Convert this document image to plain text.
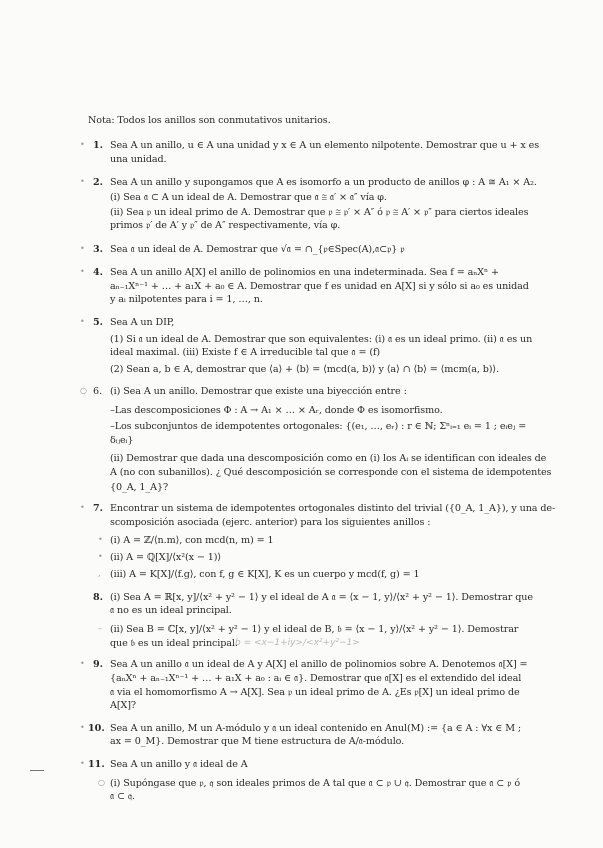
Nota: Todos los anillos son conmutativos unitarios.
• 1. Sea A un anillo, u ∈ A una unidad y x ∈ A un elemento nilpotente. Demostrar que u + x es
una unidad.
• 2. Sea A un anillo y supongamos que A es isomorfo a un producto de anillos φ : A ≅ A₁ × A₂.
(i) Sea 𝔞 ⊂ A un ideal de A. Demostrar que 𝔞 ≅ 𝔞′ × 𝔞″ vía φ.
(ii) Sea 𝔭 un ideal primo de A. Demostrar que 𝔭 ≅ 𝔭′ × A″ ó 𝔭 ≅ A′ × 𝔭″ para ciertos ideales
primos 𝔭′ de A′ y 𝔭″ de A″ respectivamente, vía φ.
• 3. Sea 𝔞 un ideal de A. Demostrar que √𝔞 = ∩_{𝔭∈Spec(A),𝔞⊂𝔭} 𝔭
• 4. Sea A un anillo A[X] el anillo de polinomios en una indeterminada. Sea f = aₙXⁿ +
aₙ₋₁Xⁿ⁻¹ + … + a₁X + a₀ ∈ A. Demostrar que f es unidad en A[X] si y sólo si a₀ es unidad
y aᵢ nilpotentes para i = 1, …, n.
• 5. Sea A un DIP,
(1) Si 𝔞 un ideal de A. Demostrar que son equivalentes: (i) 𝔞 es un ideal primo. (ii) 𝔞 es un
ideal maximal. (iii) Existe f ∈ A irreducible tal que 𝔞 = (f)
(2) Sean a, b ∈ A, demostrar que ⟨a⟩ + ⟨b⟩ = ⟨mcd(a, b)⟩ y ⟨a⟩ ∩ ⟨b⟩ = ⟨mcm(a, b)⟩.
○ 6. (i) Sea A un anillo. Demostrar que existe una biyección entre :
–Las descomposiciones Φ : A → A₁ × … × Aᵣ, donde Φ es isomorfismo.
–Los subconjuntos de idempotentes ortogonales: {(e₁, …, eᵣ) : r ∈ ℕ; Σⁿᵢ₌₁ eᵢ = 1 ; eᵢeⱼ =
δᵢⱼeᵢ}
(ii) Demostrar que dada una descomposición como en (i) los Aᵢ se identifican con ideales de
A (no con subanillos). ¿ Qué descomposición se corresponde con el sistema de idempotentes
{0_A, 1_A}?
• 7. Encontrar un sistema de idempotentes ortogonales distinto del trivial ({0_A, 1_A}), y una de-
scomposición asociada (ejerc. anterior) para los siguientes anillos :
• (i) A = ℤ/⟨n.m⟩, con mcd(n, m) = 1
• (ii) A = ℚ[X]/⟨x²(x − 1)⟩
, (iii) A = K[X]/⟨f.g⟩, con f, g ∈ K[X], K es un cuerpo y mcd(f, g) = 1
8. (i) Sea A = ℝ[x, y]/⟨x² + y² − 1⟩ y el ideal de A 𝔞 = ⟨x − 1, y⟩/⟨x² + y² − 1⟩. Demostrar que
𝔞 no es un ideal principal.
– (ii) Sea B = ℂ[x, y]/⟨x² + y² − 1⟩ y el ideal de B, 𝔟 = ⟨x − 1, y⟩/⟨x² + y² − 1⟩. Demostrar
que 𝔟 es un ideal principal.
b = <x−1+iy>/<x²+y²−1>
• 9. Sea A un anillo 𝔞 un ideal de A y A[X] el anillo de polinomios sobre A. Denotemos 𝔞[X] =
{aₙXⁿ + aₙ₋₁Xⁿ⁻¹ + … + a₁X + a₀ : aᵢ ∈ 𝔞}. Demostrar que 𝔞[X] es el extendido del ideal
𝔞 via el homomorfismo A → A[X]. Sea 𝔭 un ideal primo de A. ¿Es 𝔭[X] un ideal primo de
A[X]?
• 10. Sea A un anillo, M un A-módulo y 𝔞 un ideal contenido en Anul(M) := {a ∈ A : ∀x ∈ M ;
ax = 0_M}. Demostrar que M tiene estructura de A/𝔞-módulo.
• 11. Sea A un anillo y 𝔞 ideal de A
○ (i) Supóngase que 𝔭, 𝔮 son ideales primos de A tal que 𝔞 ⊂ 𝔭 ∪ 𝔮. Demostrar que 𝔞 ⊂ 𝔭 ó
𝔞 ⊂ 𝔮.
